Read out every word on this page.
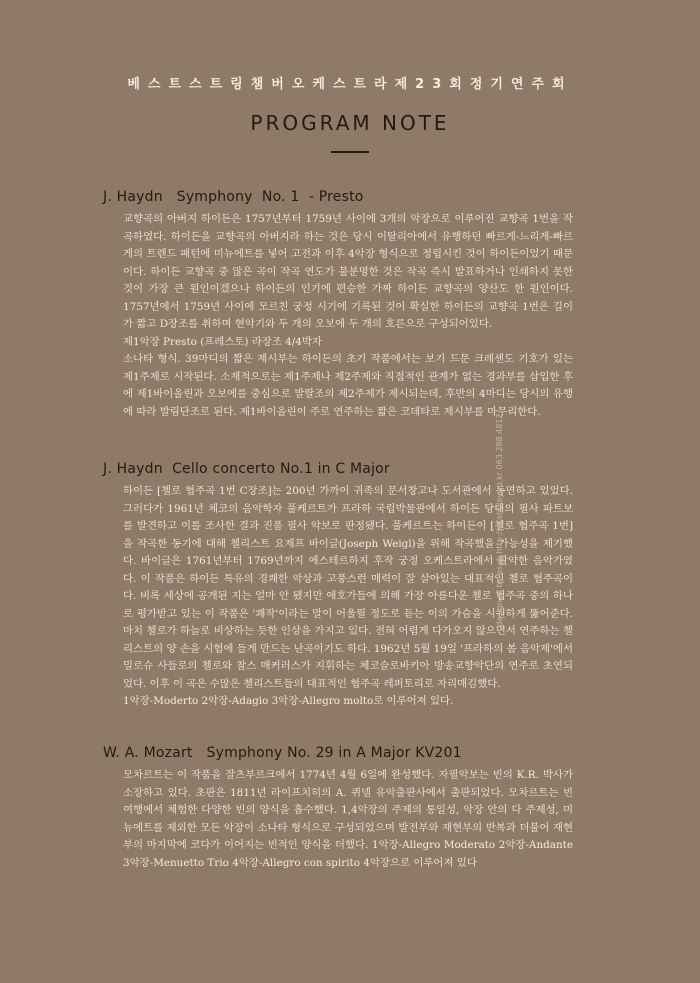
베스트스트링챔버오케스트라제23회정기연주회
PROGRAM NOTE
J. Haydn   Symphony  No. 1  - Presto

교향곡의 아버지 하이든은 1757년부터 1759년 사이에 3개의 악장으로 이루어진 교향곡 1번을 작곡하였다. 하이든을 교향곡의 아버지라 하는 것은 당시 이탈리아에서 유행하던 빠르게-느리게-빠르게의 트렌드 패턴에 미뉴에트를 넣어 고전과 이후 4악장 형식으로 정립시킨 것이 하이든이었기 때문이다. 하이든 교향곡 중 많은 곡이 작곡 연도가 불분명한 것은 작곡 즉시 발표하거나 인쇄하지 못한 것이 가장 큰 원인이겠으나 하이든의 인기에 편승한 가짜 하이든 교향곡의 양산도 한 원인이다. 1757년에서 1759년 사이에 모르친 궁정 시기에 기록된 것이 확실한 하이든의 교향곡 1번은 길이가 짧고 D장조를 취하며 현악기와 두 개의 오보에 두 개의 호른으로 구성되어있다.

제1악장 Presto (프레스토) 라장조 4/4박자

소나타 형식. 39마디의 짧은 제시부는 하이든의 초기 작품에서는 보기 드문 크레셴도 기호가 있는 제1주제로 시작된다. 소재적으로는 제1주제나 제2주제와 직접적인 관계가 없는 경과부를 삽입한 후에 제1바이올린과 오보에를 중심으로 발랄조의 제2주제가 제시되는데, 후반의 4마디는 당시의 유행에 따라 발림단조로 된다. 제1바이올린이 주로 연주하는 짧은 코데타로 제시부를 마무리한다.

J. Haydn  Cello concerto No.1 in C Major

하이든 [첼로 협주곡 1번 C장조]는 200년 가까이 귀족의 문서창고나 도서관에서 동면하고 있었다. 그러다가 1961년 체코의 음악학자 풀케르트가 프라하 국립박물관에서 하이든 당대의 필사 파트보를 발견하고 이를 조사한 결과 진품 필사 악보로 판정됐다. 풀케르트는 하이든이 [첼로 협주곡 1번]을 작곡한 동기에 대해 첼리스트 요제프 바이글(Joseph Weigl)을 위해 작곡했을 가능성을 제기했다. 바이글은 1761년부터 1769년까지 에스테르하지 후작 궁정 오케스트라에서 활약한 음악가였다. 이 작품은 하이든 특유의 경쾌한 악상과 고풍스런 매력이 잘 살아있는 대표적인 첼로 협주곡이다. 비록 세상에 공개된 지는 얼마 안 됐지만 애호가들에 의해 가장 아름다운 첼로 협주곡 중의 하나로 평가받고 있는 이 작품은 '쾌작'이라는 말이 어울릴 정도로 듣는 이의 가슴을 시원하게 뚫어준다. 마치 첼로가 하늘로 비상하는 듯한 인상을 가지고 있다. 전혀 어렵게 다가오지 않으면서 연주하는 첼리스트의 양 손을 시험에 들게 만드는 난곡이기도 하다. 1962년 5월 19일 '프라하의 봄 음악제'에서 밀로슈 사들로의 첼로와 찰스 매커러스가 지휘하는 체코슬로바키아 방송교향악단의 연주로 초연되었다. 이후 이 곡은 수많은 첼리스트들의 대표적인 협주곡 레퍼토리로 자리매김했다.

1악장-Moderto 2악장-Adagio 3악장-Allegro molto로 이루어져 있다.

W. A. Mozart   Symphony No. 29 in A Major KV201

모차르트는 이 작품을 잘츠부르크에서 1774년 4월 6일에 완성했다. 자필악보는 빈의 K.R. 박사가 소장하고 있다. 초판은 1811년 라이프치히의 A. 퀴넬 유악출판사에서 출판되었다. 모차르트는 빈 여행에서 체험한 다양한 빈의 양식을 흡수했다. 1,4악장의 주제의 통일성, 악장 안의 다 주제성, 미뉴에트를 제외한 모든 악장이 소나타 형식으로 구성되었으며 발전부와 재현부의 반복과 더불어 재현부의 마지막에 코다가 이어지는 빈적인 양식을 더했다. 1악장-Allegro Moderato 2악장-Andante 3악장-Menuetto Trio 4악장-Allegro con spirito 4악장으로 이루어져 있다

designed by asah http://asahplay.co.kr 063.288.4812
